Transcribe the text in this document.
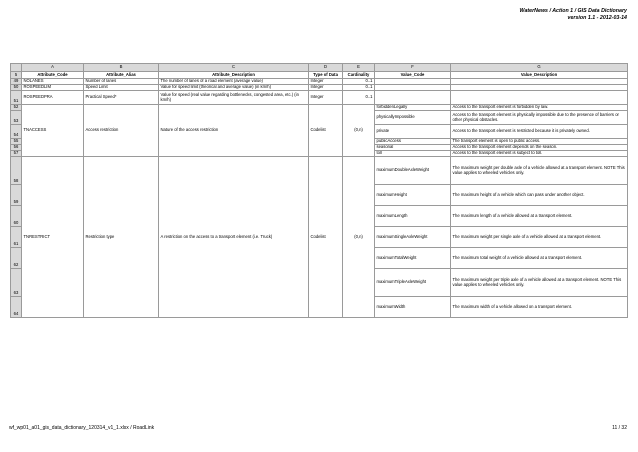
WaterNews / Action 1 / GIS Data Dictionary
version 1.1 - 2012-03-14
	A	B	C	D	E	F	G
5	Attribute_Code	Attribute_Alias	Attribute_Description	Type of Data	Cardinality	Value_Code	Value_Description
49	NOLANES	Number of lanes	The number of lanes of a road element (average value)	Integer	0..1		
50	ROSPEEDLIM	Speed Limit	Value for speed limit (theorical and average value) (in km/h)	Integer	0..1		
51	ROSPEEDPRA	Practical Speed*	Value for speed (real value regarding bottlenecks, congested area, etc.) (in km/h)	Integer	0..1		
52	TNACCESS	Access restriction	Nature of the access restriction	Codelist	(0,n)	forbiddenLegally	Access to the transport element is forbidden by law.
53						physicallyImpossible	Access to the transport element is physically impossible due to the presence of barriers or other physical obstacles.
54						private	Access to the transport element is restricted because it is privately owned.
55						publicAccess	The transport element is open to public access.
56						seasonal	Access to the transport element depends on the season.
57						toll	Access to the transport element is subject to toll.
58	TNRESTRICT	Restriction type	A restriction on the access to a transport element (i.e. Truck)	Codelist	(0,n)	maximumDoubleAxleWeight	The maximum weight per double axle of a vehicle allowed at a transport element. NOTE This value applies to wheeled vehicles only.
59						maximumHeight	The maximum height of a vehicle which can pass under another object.
60						maximumLength	The maximum length of a vehicle allowed at a transport element.
61						maximumSingleAxleWeight	The maximum weight per single axle of a vehicle allowed at a transport element.
62						maximumTotalWeight	The maximum total weight of a vehicle allowed at a transport element.
63						maximumTripleAxleWeight	The maximum weight per triple axle of a vehicle allowed at a transport element. NOTE This value applies to wheeled vehicles only.
64						maximumWidth	The maximum width of a vehicle allowed on a transport element.
wf_wp01_a01_gis_data_dictionary_120314_v1_1.xlsx / RoadLink	11 / 32
